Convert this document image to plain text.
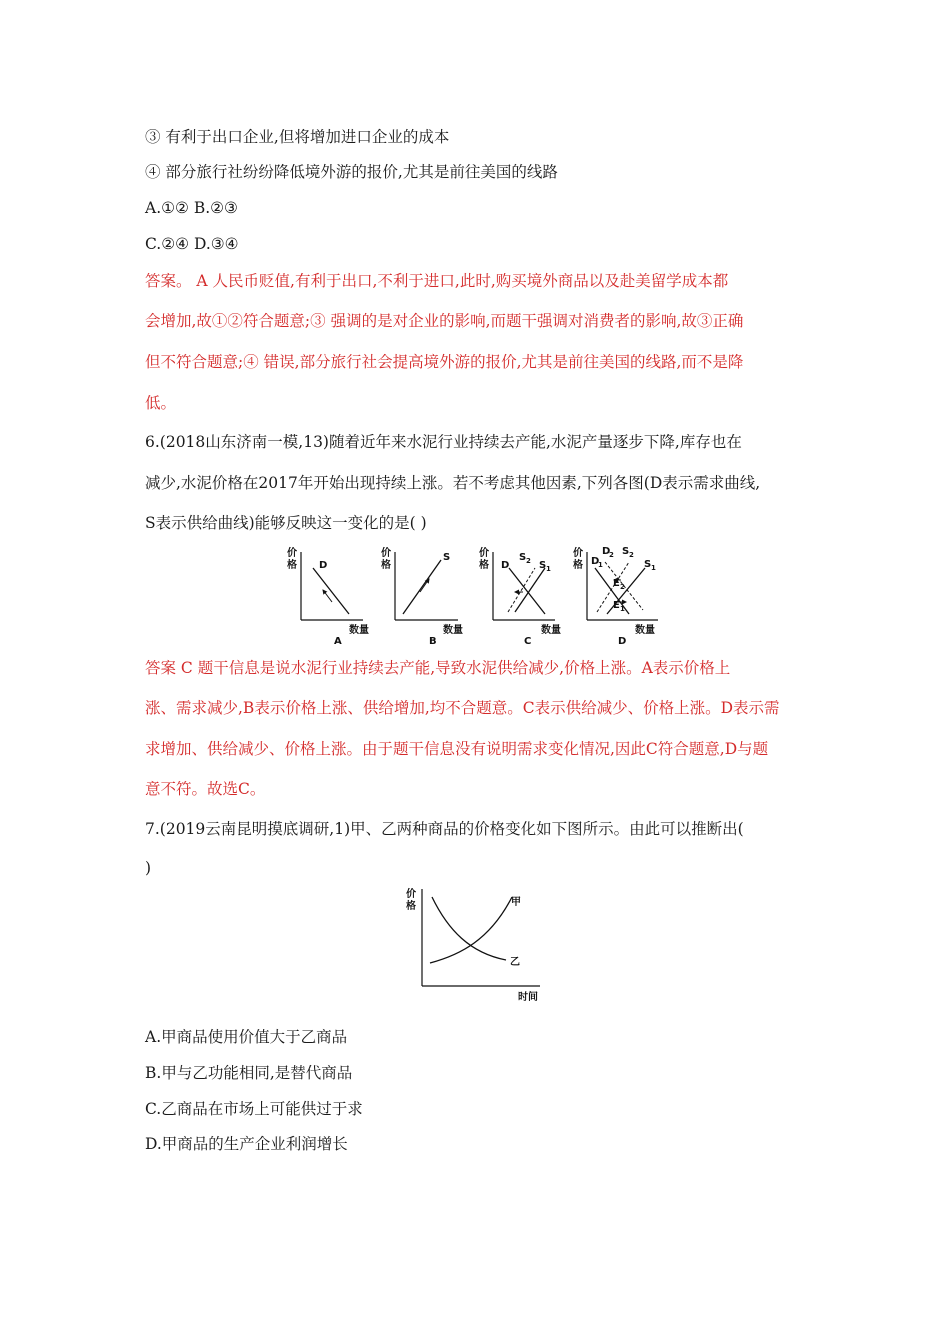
③ 有利于出口企业,但将增加进口企业的成本
④ 部分旅行社纷纷降低境外游的报价,尤其是前往美国的线路
A.①② B.②③
C.②④ D.③④
答案。 A 人民币贬值,有利于出口,不利于进口,此时,购买境外商品以及赴美留学成本都
会增加,故①②符合题意;③ 强调的是对企业的影响,而题干强调对消费者的影响,故③正确
但不符合题意;④ 错误,部分旅行社会提高境外游的报价,尤其是前往美国的线路,而不是降
低。
6.(2018山东济南一模,13)随着近年来水泥行业持续去产能,水泥产量逐步下降,库存也在
减少,水泥价格在2017年开始出现持续上涨。若不考虑其他因素,下列各图(D表示需求曲线,
S表示供给曲线)能够反映这一变化的是( )
价
格 D
数量
A
价
格
S
数量
B
价
格 D
S 2 S 1
数量
C
价
格
D
2 S 2
D
1	S 1
E 2
E 1
数量
D
答案 C 题干信息是说水泥行业持续去产能,导致水泥供给减少,价格上涨。A表示价格上
涨、需求减少,B表示价格上涨、供给增加,均不合题意。C表示供给减少、价格上涨。D表示需
求增加、供给减少、价格上涨。由于题干信息没有说明需求变化情况,因此C符合题意,D与题
意不符。故选C。
7.(2019云南昆明摸底调研,1)甲、乙两种商品的价格变化如下图所示。由此可以推断出(
)
价
格	甲
乙
时间
A.甲商品使用价值大于乙商品
B.甲与乙功能相同,是替代商品
C.乙商品在市场上可能供过于求
D.甲商品的生产企业利润增长
